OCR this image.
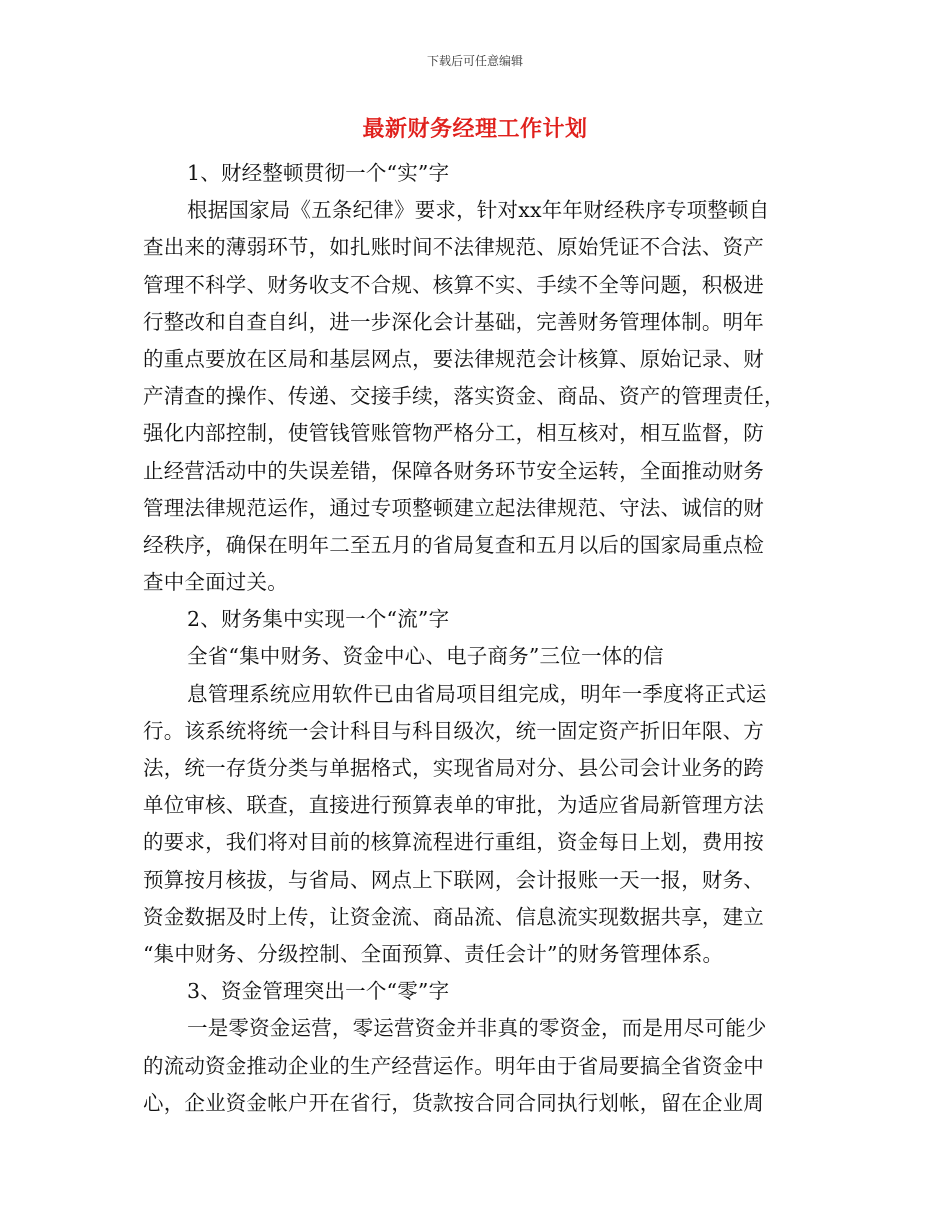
下载后可任意编辑
最新财务经理工作计划
1、财经整顿贯彻一个“实”字
根据国家局《五条纪律》要求，针对xx年年财经秩序专项整顿自
查出来的薄弱环节，如扎账时间不法律规范、原始凭证不合法、资产
管理不科学、财务收支不合规、核算不实、手续不全等问题，积极进
行整改和自查自纠，进一步深化会计基础，完善财务管理体制。明年
的重点要放在区局和基层网点，要法律规范会计核算、原始记录、财
产清查的操作、传递、交接手续，落实资金、商品、资产的管理责任，
强化内部控制，使管钱管账管物严格分工，相互核对，相互监督，防
止经营活动中的失误差错，保障各财务环节安全运转，全面推动财务
管理法律规范运作，通过专项整顿建立起法律规范、守法、诚信的财
经秩序，确保在明年二至五月的省局复查和五月以后的国家局重点检
查中全面过关。
2、财务集中实现一个“流”字
全省“集中财务、资金中心、电子商务”三位一体的信
息管理系统应用软件已由省局项目组完成，明年一季度将正式运
行。该系统将统一会计科目与科目级次，统一固定资产折旧年限、方
法，统一存货分类与单据格式，实现省局对分、县公司会计业务的跨
单位审核、联查，直接进行预算表单的审批，为适应省局新管理方法
的要求，我们将对目前的核算流程进行重组，资金每日上划，费用按
预算按月核拔，与省局、网点上下联网，会计报账一天一报，财务、
资金数据及时上传，让资金流、商品流、信息流实现数据共享，建立
“集中财务、分级控制、全面预算、责任会计”的财务管理体系。
3、资金管理突出一个“零”字
一是零资金运营，零运营资金并非真的零资金，而是用尽可能少
的流动资金推动企业的生产经营运作。明年由于省局要搞全省资金中
心，企业资金帐户开在省行，货款按合同合同执行划帐，留在企业周
